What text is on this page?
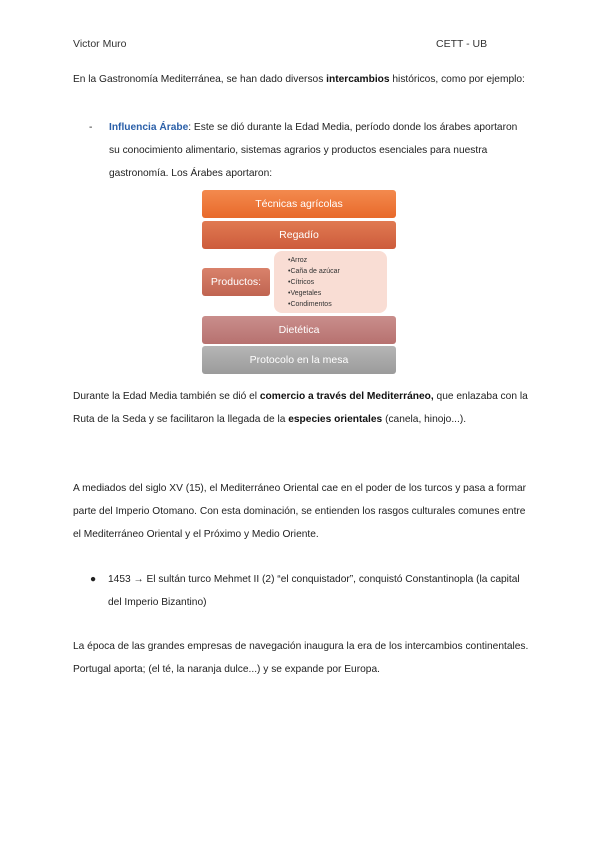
Victor Muro	CETT - UB
En la Gastronomía Mediterránea, se han dado diversos intercambios históricos, como por ejemplo:
-	Influencia Árabe: Este se dió durante la Edad Media, período donde los árabes aportaron su conocimiento alimentario, sistemas agrarios y productos esenciales para nuestra gastronomía. Los Árabes aportaron:
Técnicas agrícolas
Regadío
Productos:
•Arroz
•Caña de azúcar
•Cítricos
•Vegetales
•Condimentos
Dietética
Protocolo en la mesa
Durante la Edad Media también se dió el comercio a través del Mediterráneo, que enlazaba con la Ruta de la Seda y se facilitaron la llegada de la especies orientales (canela, hinojo...).
A mediados del siglo XV (15), el Mediterráneo Oriental cae en el poder de los turcos y pasa a formar parte del Imperio Otomano. Con esta dominación, se entienden los rasgos culturales comunes entre el Mediterráneo Oriental y el Próximo y Medio Oriente.
●	1453 → El sultán turco Mehmet II (2) “el conquistador”, conquistó Constantinopla (la capital del Imperio Bizantino)
La época de las grandes empresas de navegación inaugura la era de los intercambios continentales. Portugal aporta; (el té, la naranja dulce...) y se expande por Europa.
